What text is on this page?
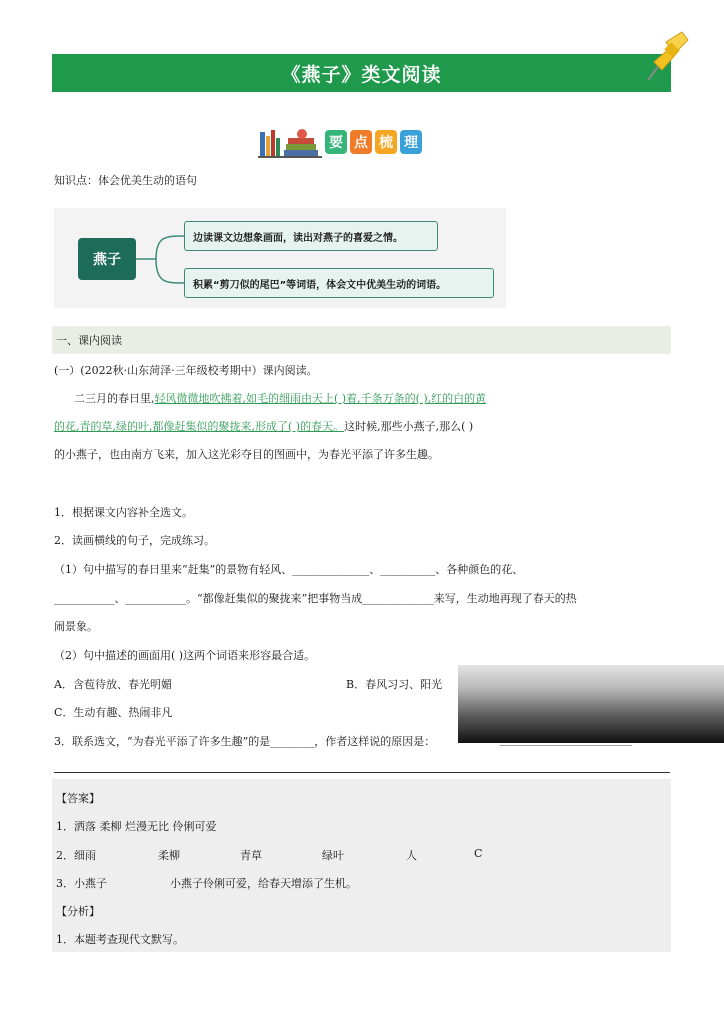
《燕子》类文阅读
要 点 梳 理
知识点：体会优美生动的语句
燕子
边读课文边想象画面，读出对燕子的喜爱之情。
积累“剪刀似的尾巴”等词语，体会文中优美生动的词语。
一、课内阅读
(一）(2022秋·山东菏泽·三年级校考期中）课内阅读。
二三月的春日里,轻风微微地吹拂着,如毛的细雨由天上( )着,千条万条的( ),红的白的黄
的花,青的草,绿的叶,都像赶集似的聚拢来,形成了( )的春天。这时候,那些小燕子,那么( )
的小燕子，也由南方飞来，加入这光彩夺目的图画中，为春光平添了许多生趣。
1．根据课文内容补全选文。
2．读画横线的句子，完成练习。
（1）句中描写的春日里来“赶集”的景物有轻风、______________、__________、各种颜色的花、
___________、___________。“都像赶集似的聚拢来”把事物当成_____________来写，生动地再现了春天的热
闹景象。
（2）句中描述的画面用( )这两个词语来形容最合适。
A．含苞待放、春光明媚	B．春风习习、阳光
C．生动有趣、热闹非凡
3．联系选文，“为春光平添了许多生趣”的是________，作者这样说的原因是：
【答案】
1．洒落 柔柳 烂漫无比 伶俐可爱
2．细雨	柔柳	青草	绿叶	人	C
3．小燕子	小燕子伶俐可爱，给春天增添了生机。
【分析】
1．本题考查现代文默写。
